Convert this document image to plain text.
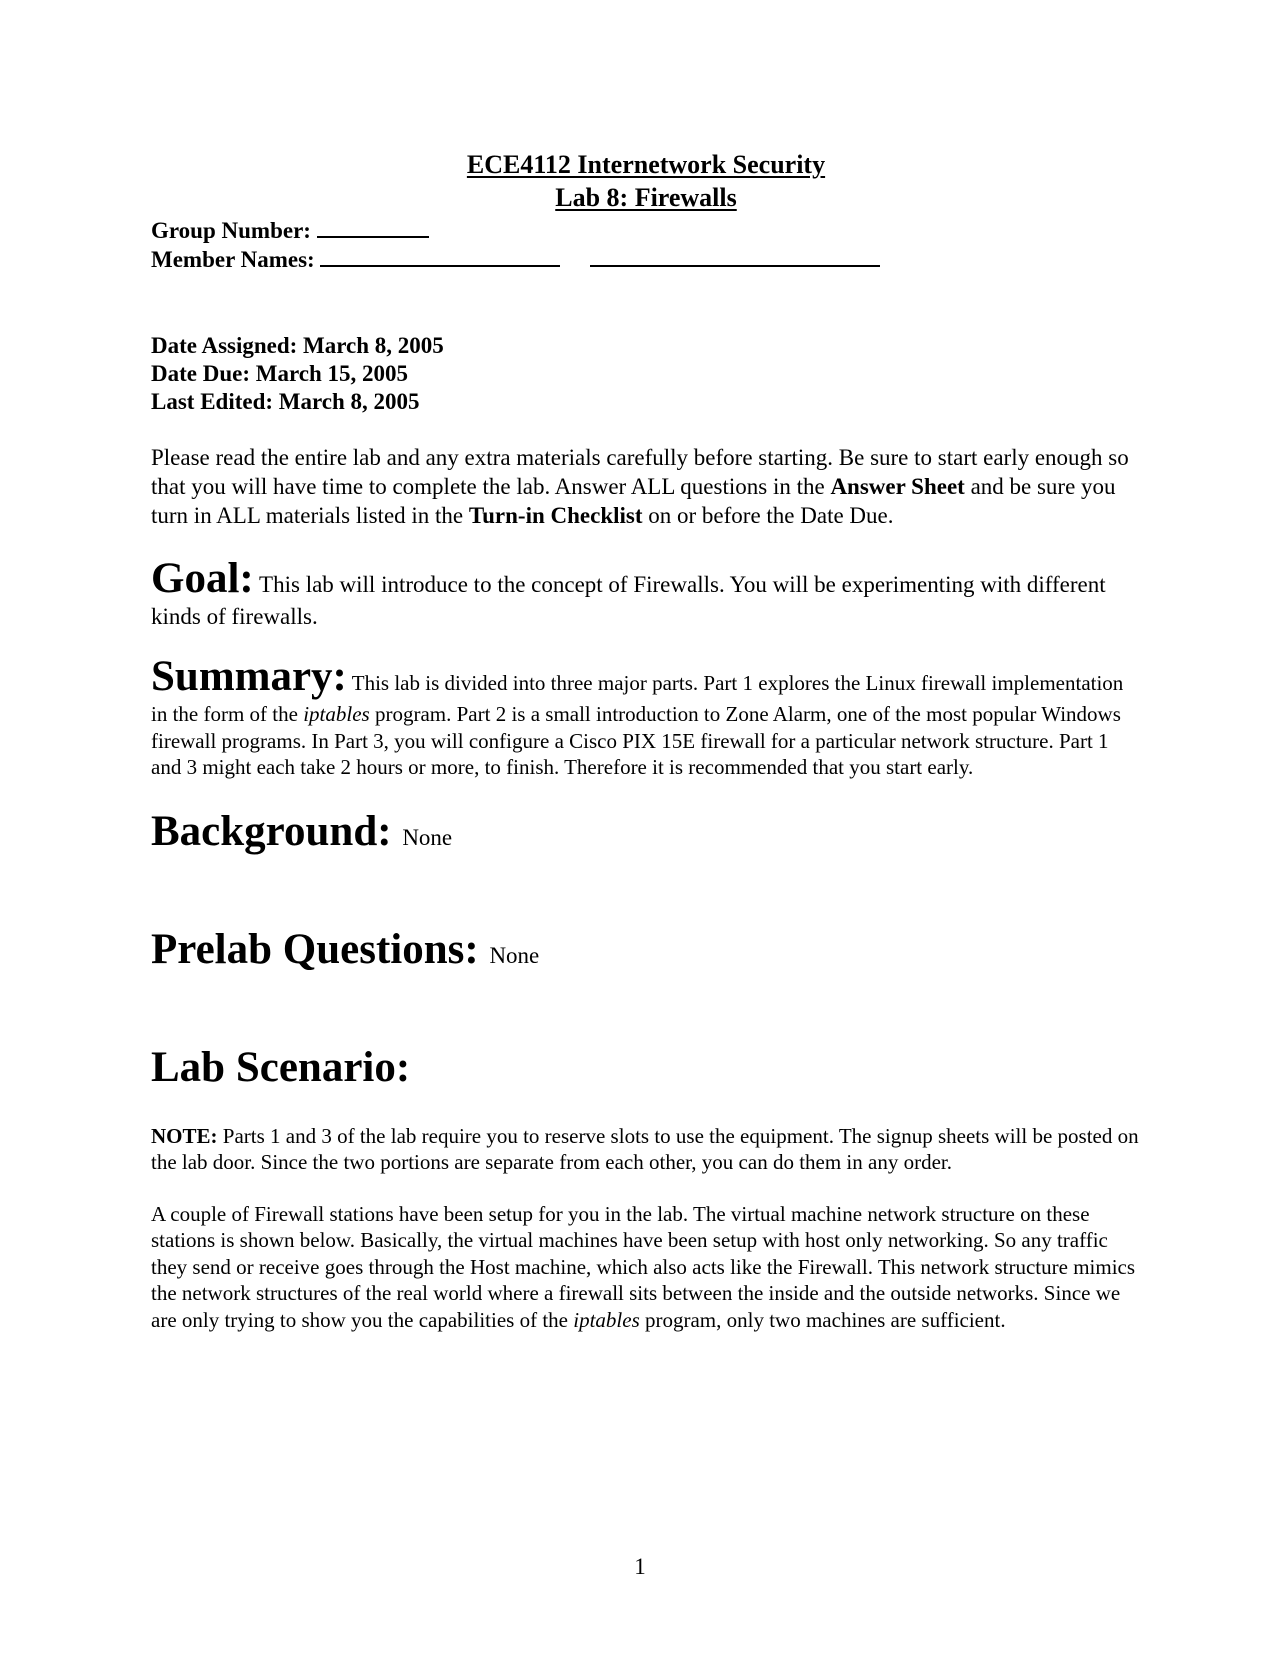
ECE4112 Internetwork Security
Lab 8: Firewalls
Group Number:
Member Names:
Date Assigned: March 8, 2005
Date Due: March 15, 2005
Last Edited: March 8, 2005
Please read the entire lab and any extra materials carefully before starting. Be sure to start early enough so that you will have time to complete the lab. Answer ALL questions in the Answer Sheet and be sure you turn in ALL materials listed in the Turn-in Checklist on or before the Date Due.
Goal: This lab will introduce to the concept of Firewalls. You will be experimenting with different kinds of firewalls.
Summary: This lab is divided into three major parts. Part 1 explores the Linux firewall implementation in the form of the iptables program. Part 2 is a small introduction to Zone Alarm, one of the most popular Windows firewall programs. In Part 3, you will configure a Cisco PIX 15E firewall for a particular network structure. Part 1 and 3 might each take 2 hours or more, to finish. Therefore it is recommended that you start early.
Background: None
Prelab Questions: None
Lab Scenario:
NOTE: Parts 1 and 3 of the lab require you to reserve slots to use the equipment. The signup sheets will be posted on the lab door. Since the two portions are separate from each other, you can do them in any order.
A couple of Firewall stations have been setup for you in the lab. The virtual machine network structure on these stations is shown below. Basically, the virtual machines have been setup with host only networking. So any traffic they send or receive goes through the Host machine, which also acts like the Firewall. This network structure mimics the network structures of the real world where a firewall sits between the inside and the outside networks. Since we are only trying to show you the capabilities of the iptables program, only two machines are sufficient.
1
